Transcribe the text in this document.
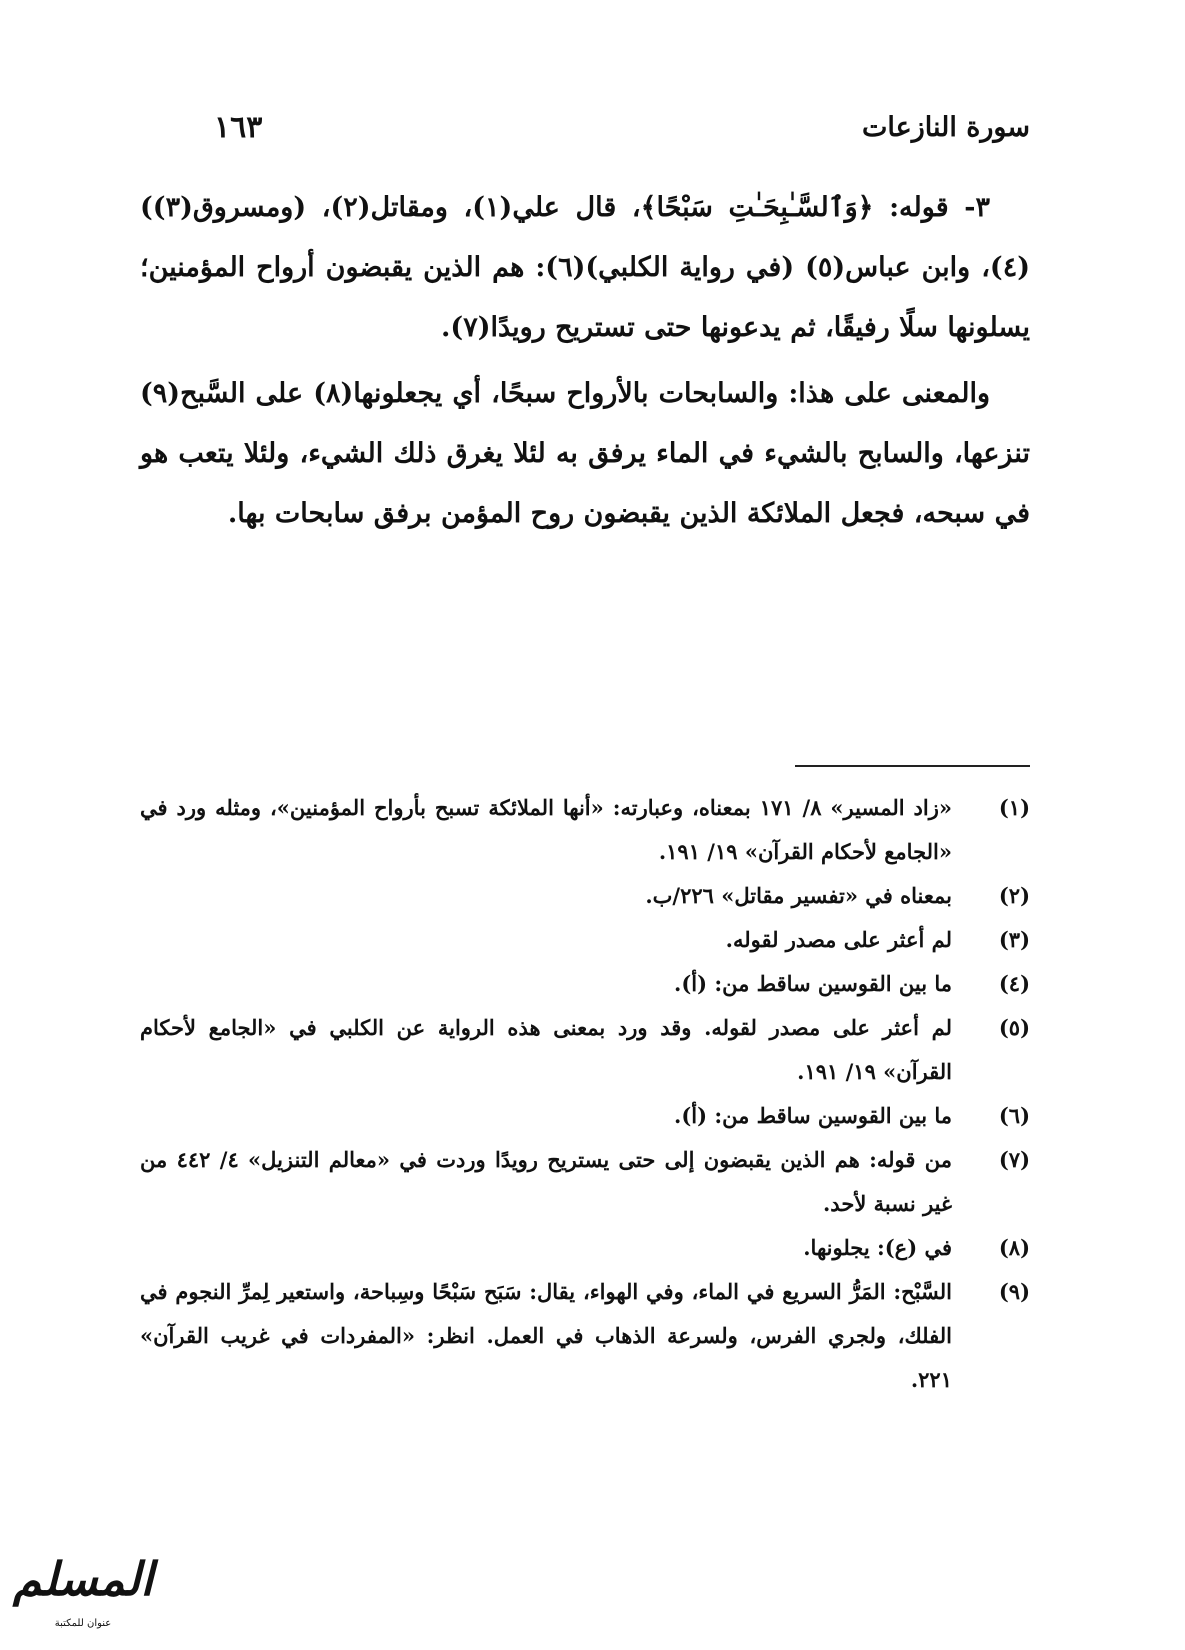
سورة النازعات
١٦٣

٣- قوله: ﴿وَٱلسَّـٰبِحَـٰتِ سَبْحًا﴾، قال علي(١)، ومقاتل(٢)، (ومسروق(٣))(٤)، وابن عباس(٥) (في رواية الكلبي)(٦): هم الذين يقبضون أرواح المؤمنين؛ يسلونها سلًا رفيقًا، ثم يدعونها حتى تستريح رويدًا(٧).

والمعنى على هذا: والسابحات بالأرواح سبحًا، أي يجعلونها(٨) على السَّبح(٩) تنزعها، والسابح بالشيء في الماء يرفق به لئلا يغرق ذلك الشيء، ولئلا يتعب هو في سبحه، فجعل الملائكة الذين يقبضون روح المؤمن برفق سابحات بها.

(١)
«زاد المسير» ٨/ ١٧١ بمعناه، وعبارته: «أنها الملائكة تسبح بأرواح المؤمنين»، ومثله ورد في «الجامع لأحكام القرآن» ١٩/ ١٩١.
(٢)
بمعناه في «تفسير مقاتل» ٢٢٦/ب.
(٣)
لم أعثر على مصدر لقوله.
(٤)
ما بين القوسين ساقط من: (أ).
(٥)
لم أعثر على مصدر لقوله. وقد ورد بمعنى هذه الرواية عن الكلبي في «الجامع لأحكام القرآن» ١٩/ ١٩١.
(٦)
ما بين القوسين ساقط من: (أ).
(٧)
من قوله: هم الذين يقبضون إلى حتى يستريح رويدًا وردت في «معالم التنزيل» ٤/ ٤٤٢ من غير نسبة لأحد.
(٨)
في (ع): يجلونها.
(٩)
السَّبْح: المَرُّ السريع في الماء، وفي الهواء، يقال: سَبَح سَبْحًا وسِباحة، واستعير لِمرِّ النجوم في الفلك، ولجري الفرس، ولسرعة الذهاب في العمل. انظر: «المفردات في غريب القرآن» ٢٢١.
المسلم
عنوان للمكتبة
